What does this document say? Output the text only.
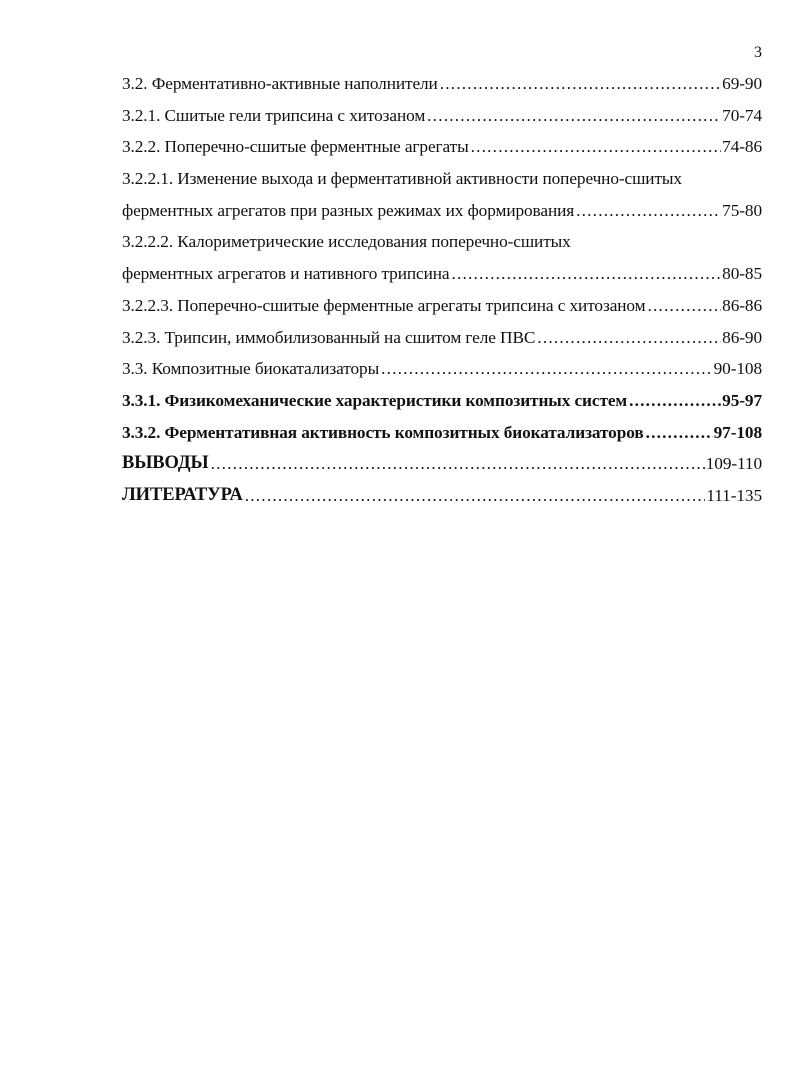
3
3.2. Ферментативно-активные наполнители .....	69-90
3.2.1. Сшитые гели трипсина с хитозаном .....	70-74
3.2.2. Поперечно-сшитые ферментные агрегаты .....	74-86
3.2.2.1. Изменение выхода и ферментативной активности поперечно-сшитых
ферментных агрегатов при разных режимах их формирования .....	75-80
3.2.2.2. Калориметрические исследования поперечно-сшитых
ферментных агрегатов и нативного трипсина .....	80-85
3.2.2.3. Поперечно-сшитые ферментные агрегаты трипсина с хитозаном .....	86-86
3.2.3. Трипсин, иммобилизованный на сшитом геле ПВС .....	86-90
3.3. Композитные биокатализаторы .....	90-108
3.3.1. Физикомеханические характеристики композитных систем .....	95-97
3.3.2. Ферментативная активность композитных биокатализаторов .....	97-108
ВЫВОДЫ .....	109-110
ЛИТЕРАТУРА .....	111-135
